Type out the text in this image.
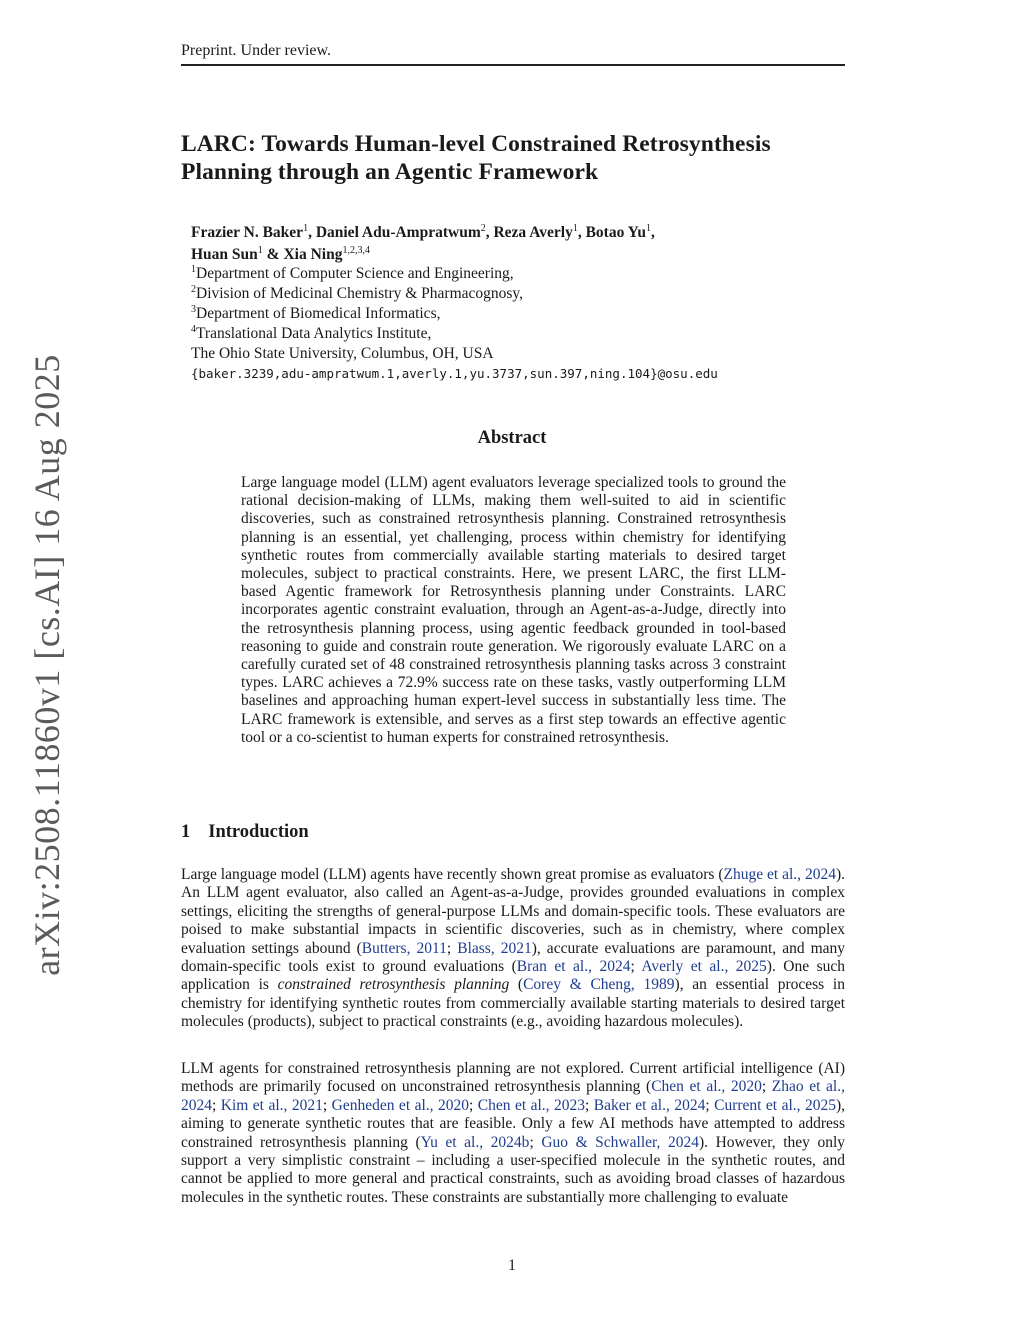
Preprint. Under review.
arXiv:2508.11860v1 [cs.AI] 16 Aug 2025
LARC: Towards Human-level Constrained Retrosynthesis
Planning through an Agentic Framework
Frazier N. Baker$^1$, Daniel Adu-Ampratwum$^2$, Reza Averly$^1$, Botao Yu$^1$,
Huan Sun$^1$ & Xia Ning$^{1,2,3,4}$
$^1$Department of Computer Science and Engineering,
$^2$Division of Medicinal Chemistry & Pharmacognosy,
$^3$Department of Biomedical Informatics,
$^4$Translational Data Analytics Institute,
The Ohio State University, Columbus, OH, USA
{baker.3239,adu-ampratwum.1,averly.1,yu.3737,sun.397,ning.104}@osu.edu
Abstract
Large language model (LLM) agent evaluators leverage specialized tools to ground the rational decision-making of LLMs, making them well-suited to aid in scientific discoveries, such as constrained retrosynthesis planning. Constrained retrosynthesis planning is an essential, yet challenging, process within chemistry for identifying synthetic routes from commercially available starting materials to desired target molecules, subject to practical constraints. Here, we present LARC, the first LLM-based Agentic framework for Retrosynthesis planning under Constraints. LARC incorporates agentic constraint evaluation, through an Agent-as-a-Judge, directly into the retrosynthesis planning process, using agentic feedback grounded in tool-based reasoning to guide and constrain route generation. We rigorously evaluate LARC on a carefully curated set of 48 constrained retrosynthesis planning tasks across 3 constraint types. LARC achieves a 72.9% success rate on these tasks, vastly outperforming LLM baselines and approaching human expert-level success in substantially less time. The LARC framework is extensible, and serves as a first step towards an effective agentic tool or a co-scientist to human experts for constrained retrosynthesis.
1 Introduction
Large language model (LLM) agents have recently shown great promise as evaluators (Zhuge et al., 2024). An LLM agent evaluator, also called an Agent-as-a-Judge, provides grounded evaluations in complex settings, eliciting the strengths of general-purpose LLMs and domain-specific tools. These evaluators are poised to make substantial impacts in scientific discoveries, such as in chemistry, where complex evaluation settings abound (Butters, 2011; Blass, 2021), accurate evaluations are paramount, and many domain-specific tools exist to ground evaluations (Bran et al., 2024; Averly et al., 2025). One such application is constrained retrosynthesis planning (Corey & Cheng, 1989), an essential process in chemistry for identifying synthetic routes from commercially available starting materials to desired target molecules (products), subject to practical constraints (e.g., avoiding hazardous molecules).
LLM agents for constrained retrosynthesis planning are not explored. Current artificial intelligence (AI) methods are primarily focused on unconstrained retrosynthesis planning (Chen et al., 2020; Zhao et al., 2024; Kim et al., 2021; Genheden et al., 2020; Chen et al., 2023; Baker et al., 2024; Current et al., 2025), aiming to generate synthetic routes that are feasible. Only a few AI methods have attempted to address constrained retrosynthesis planning (Yu et al., 2024b; Guo & Schwaller, 2024). However, they only support a very simplistic constraint – including a user-specified molecule in the synthetic routes, and cannot be applied to more general and practical constraints, such as avoiding broad classes of hazardous molecules in the synthetic routes. These constraints are substantially more challenging to evaluate
1
